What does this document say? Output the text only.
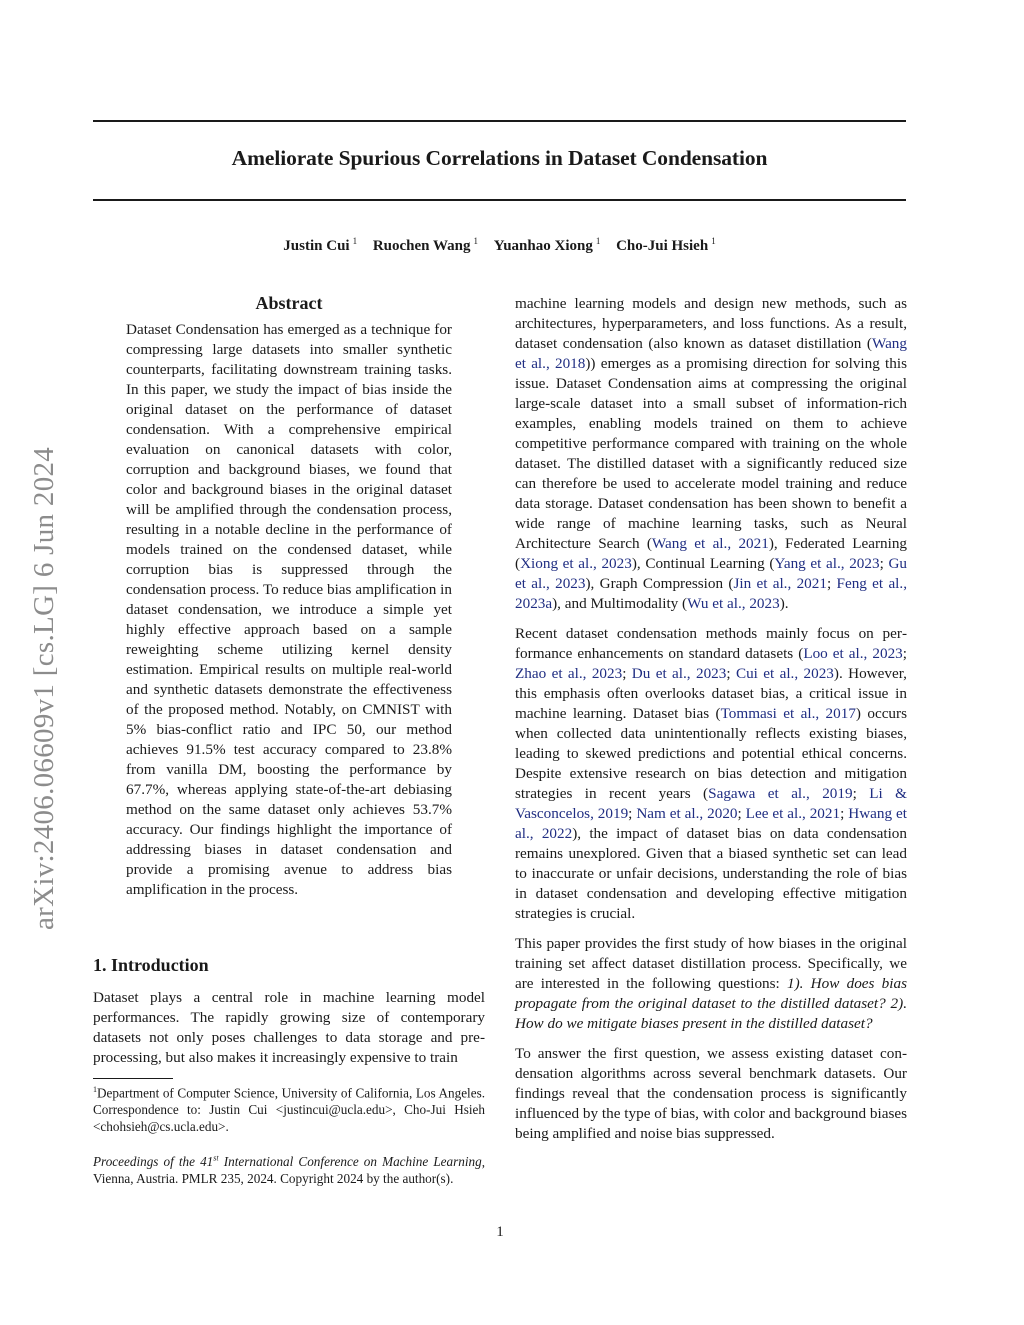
arXiv:2406.06609v1 [cs.LG] 6 Jun 2024
Ameliorate Spurious Correlations in Dataset Condensation
Justin Cui $^1$ Ruochen Wang $^1$ Yuanhao Xiong $^1$ Cho-Jui Hsieh $^1$
Abstract

Dataset Condensation has emerged as a technique for compressing large datasets into smaller synthetic counterparts, facilitating downstream training tasks. In this paper, we study the impact of bias inside the original dataset on the performance of dataset condensation. With a comprehensive empirical evaluation on canonical datasets with color, corruption and background biases, we found that color and background biases in the original dataset will be amplified through the condensation process, resulting in a notable decline in the performance of models trained on the condensed dataset, while corruption bias is suppressed through the condensation process. To reduce bias amplification in dataset condensation, we introduce a simple yet highly effective approach based on a sample reweighting scheme utilizing kernel density estimation. Empirical results on multiple real-world and synthetic datasets demonstrate the effectiveness of the proposed method. Notably, on CMNIST with 5% bias-conflict ratio and IPC 50, our method achieves 91.5% test accuracy compared to 23.8% from vanilla DM, boosting the performance by 67.7%, whereas applying state-of-the-art debiasing method on the same dataset only achieves 53.7% accuracy. Our findings highlight the importance of addressing biases in dataset condensation and provide a promising avenue to address bias amplification in the process.

1. Introduction

Dataset plays a central role in machine learning model performances. The rapidly growing size of contemporary datasets not only poses challenges to data storage and preprocessing, but also makes it increasingly expensive to train

$^1$Department of Computer Science, University of California, Los Angeles. Correspondence to: Justin Cui <justincui@ucla.edu>, Cho-Jui Hsieh <chohsieh@cs.ucla.edu>.
Proceedings of the 41st International Conference on Machine Learning, Vienna, Austria. PMLR 235, 2024. Copyright 2024 by the author(s).

machine learning models and design new methods, such as architectures, hyperparameters, and loss functions. As a result, dataset condensation (also known as dataset distillation (Wang et al., 2018)) emerges as a promising direction for solving this issue. Dataset Condensation aims at compressing the original large-scale dataset into a small subset of information-rich examples, enabling models trained on them to achieve competitive performance compared with training on the whole dataset. The distilled dataset with a significantly reduced size can therefore be used to accelerate model training and reduce data storage. Dataset condensation has been shown to benefit a wide range of machine learning tasks, such as Neural Architecture Search (Wang et al., 2021), Federated Learning (Xiong et al., 2023), Continual Learning (Yang et al., 2023; Gu et al., 2023), Graph Compression (Jin et al., 2021; Feng et al., 2023a), and Multimodality (Wu et al., 2023).

Recent dataset condensation methods mainly focus on performance enhancements on standard datasets (Loo et al., 2023; Zhao et al., 2023; Du et al., 2023; Cui et al., 2023). However, this emphasis often overlooks dataset bias, a critical issue in machine learning. Dataset bias (Tommasi et al., 2017) occurs when collected data unintentionally reflects existing biases, leading to skewed predictions and potential ethical concerns. Despite extensive research on bias detection and mitigation strategies in recent years (Sagawa et al., 2019; Li & Vasconcelos, 2019; Nam et al., 2020; Lee et al., 2021; Hwang et al., 2022), the impact of dataset bias on data condensation remains unexplored. Given that a biased synthetic set can lead to inaccurate or unfair decisions, understanding the role of bias in dataset condensation and developing effective mitigation strategies is crucial.

This paper provides the first study of how biases in the original training set affect dataset distillation process. Specifically, we are interested in the following questions: 1). How does bias propagate from the original dataset to the distilled dataset? 2). How do we mitigate biases present in the distilled dataset?

To answer the first question, we assess existing dataset condensation algorithms across several benchmark datasets. Our findings reveal that the condensation process is significantly influenced by the type of bias, with color and background biases being amplified and noise bias suppressed.

1
